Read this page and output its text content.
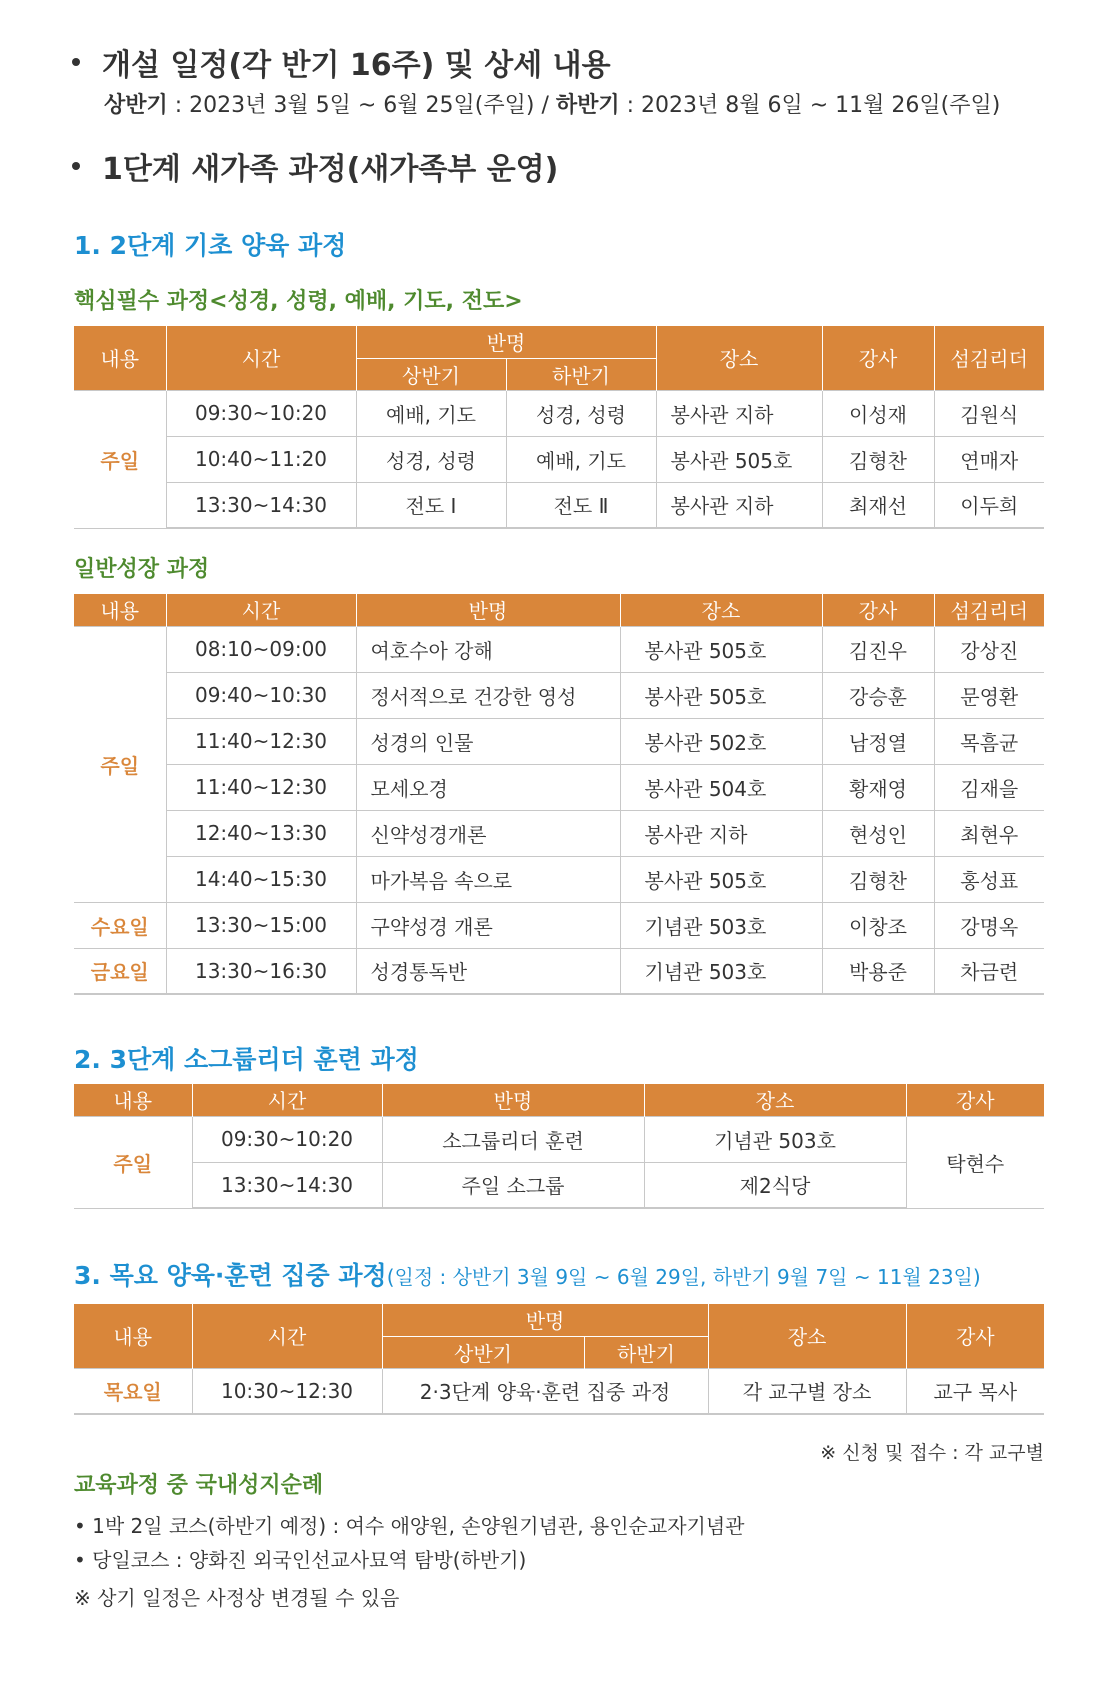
개설 일정(각 반기 16주) 및 상세 내용
상반기 : 2023년 3월 5일 ~ 6월 25일(주일) / 하반기 : 2023년 8월 6일 ~ 11월 26일(주일)
1단계 새가족 과정(새가족부 운영)
1. 2단계 기초 양육 과정
핵심필수 과정<성경, 성령, 예배, 기도, 전도>
내용	시간	반명		장소	강사	섬김리더
		상반기	하반기			
주일	09:30~10:20	예배, 기도	성경, 성령	봉사관 지하	이성재	김원식
	10:40~11:20	성경, 성령	예배, 기도	봉사관 505호	김형찬	연매자
	13:30~14:30	전도 Ⅰ	전도 Ⅱ	봉사관 지하	최재선	이두희
일반성장 과정
내용	시간	반명	장소	강사	섬김리더
주일	08:10~09:00	여호수아 강해	봉사관 505호	김진우	강상진
	09:40~10:30	정서적으로 건강한 영성	봉사관 505호	강승훈	문영환
	11:40~12:30	성경의 인물	봉사관 502호	남정열	목흠균
	11:40~12:30	모세오경	봉사관 504호	황재영	김재을
	12:40~13:30	신약성경개론	봉사관 지하	현성인	최현우
	14:40~15:30	마가복음 속으로	봉사관 505호	김형찬	홍성표
수요일	13:30~15:00	구약성경 개론	기념관 503호	이창조	강명옥
금요일	13:30~16:30	성경통독반	기념관 503호	박용준	차금련
2. 3단계 소그룹리더 훈련 과정
내용	시간	반명	장소	강사
주일	09:30~10:20	소그룹리더 훈련	기념관 503호	탁현수
	13:30~14:30	주일 소그룹	제2식당	
3. 목요 양육·훈련 집중 과정(일정 : 상반기 3월 9일 ~ 6월 29일, 하반기 9월 7일 ~ 11월 23일)
내용	시간	반명		장소	강사
		상반기	하반기		
목요일	10:30~12:30	2·3단계 양육·훈련 집중 과정		각 교구별 장소	교구 목사
※ 신청 및 접수 : 각 교구별
교육과정 중 국내성지순례
• 1박 2일 코스(하반기 예정) : 여수 애양원, 손양원기념관, 용인순교자기념관
• 당일코스 : 양화진 외국인선교사묘역 탐방(하반기)
※ 상기 일정은 사정상 변경될 수 있음
